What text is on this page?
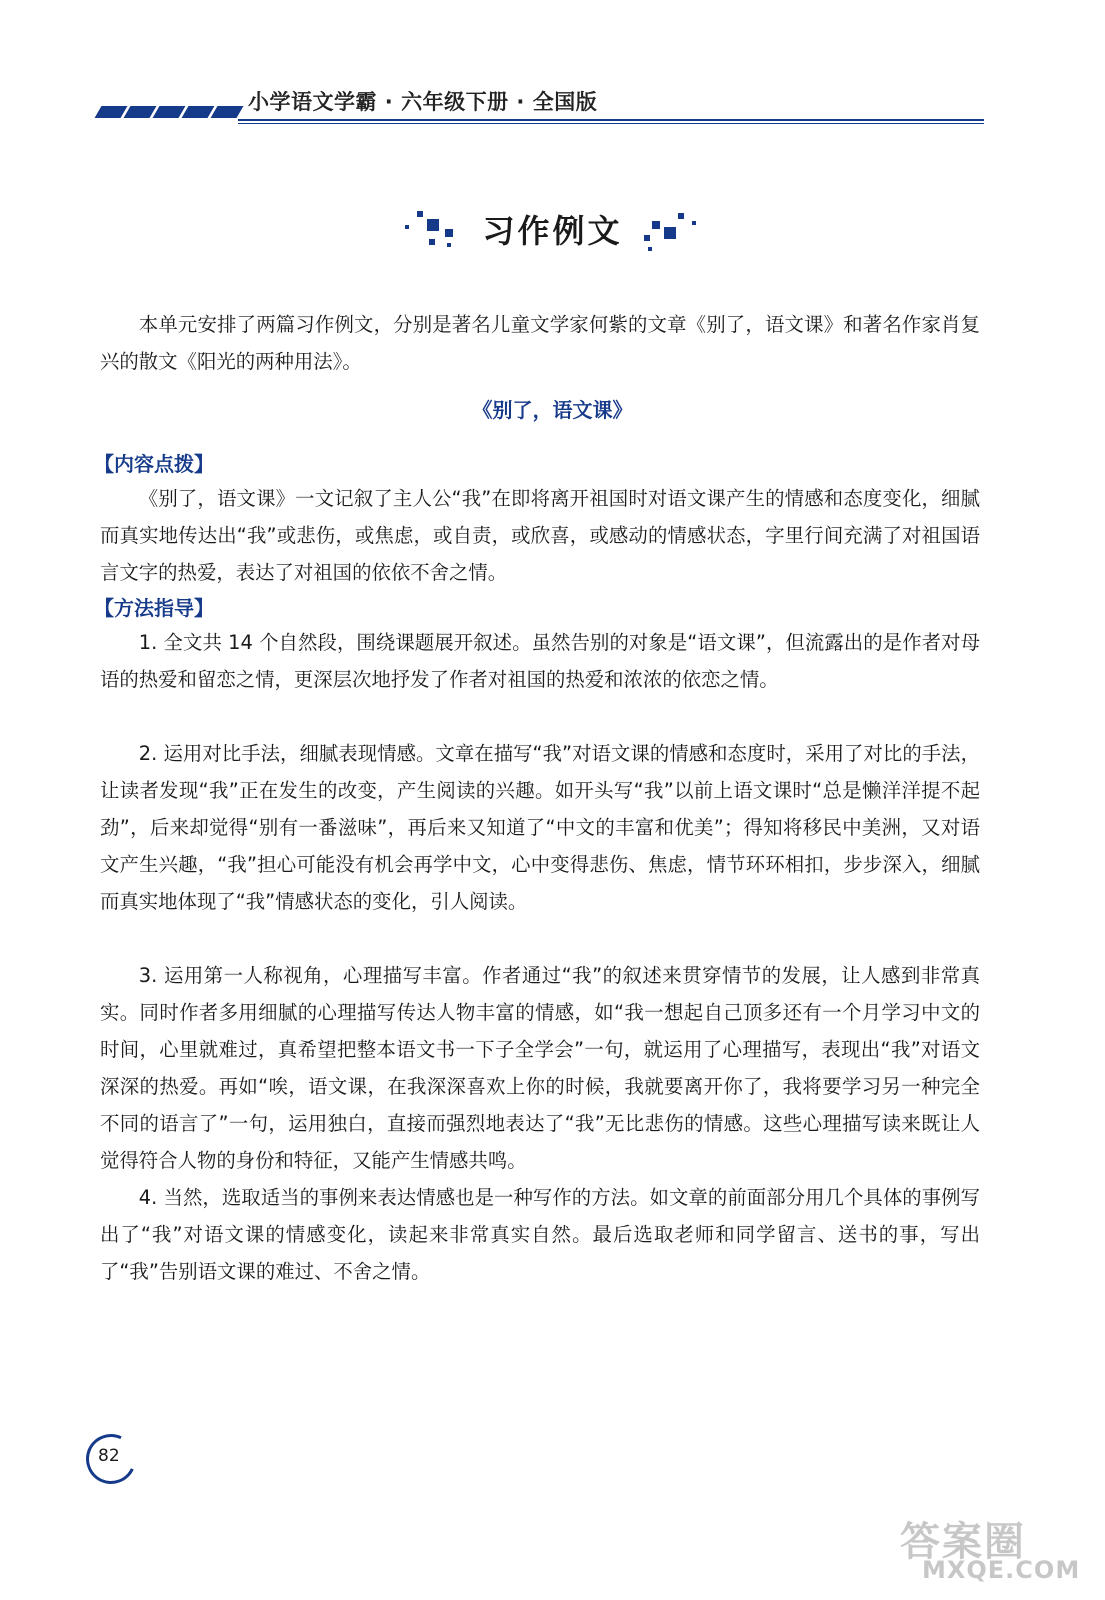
小学语文学霸 · 六年级下册 · 全国版
习作例文

本单元安排了两篇习作例文，分别是著名儿童文学家何紫的文章《别了，语文课》和著名作家肖复兴的散文《阳光的两种用法》。

《别了，语文课》
【内容点拨】

《别了，语文课》一文记叙了主人公“我”在即将离开祖国时对语文课产生的情感和态度变化，细腻而真实地传达出“我”或悲伤，或焦虑，或自责，或欣喜，或感动的情感状态，字里行间充满了对祖国语言文字的热爱，表达了对祖国的依依不舍之情。

【方法指导】

1. 全文共 14 个自然段，围绕课题展开叙述。虽然告别的对象是“语文课”，但流露出的是作者对母语的热爱和留恋之情，更深层次地抒发了作者对祖国的热爱和浓浓的依恋之情。

2. 运用对比手法，细腻表现情感。文章在描写“我”对语文课的情感和态度时，采用了对比的手法，让读者发现“我”正在发生的改变，产生阅读的兴趣。如开头写“我”以前上语文课时“总是懒洋洋提不起劲”，后来却觉得“别有一番滋味”，再后来又知道了“中文的丰富和优美”；得知将移民中美洲，又对语文产生兴趣，“我”担心可能没有机会再学中文，心中变得悲伤、焦虑，情节环环相扣，步步深入，细腻而真实地体现了“我”情感状态的变化，引人阅读。

3. 运用第一人称视角，心理描写丰富。作者通过“我”的叙述来贯穿情节的发展，让人感到非常真实。同时作者多用细腻的心理描写传达人物丰富的情感，如“我一想起自己顶多还有一个月学习中文的时间，心里就难过，真希望把整本语文书一下子全学会”一句，就运用了心理描写，表现出“我”对语文深深的热爱。再如“唉，语文课，在我深深喜欢上你的时候，我就要离开你了，我将要学习另一种完全不同的语言了”一句，运用独白，直接而强烈地表达了“我”无比悲伤的情感。这些心理描写读来既让人觉得符合人物的身份和特征，又能产生情感共鸣。

4. 当然，选取适当的事例来表达情感也是一种写作的方法。如文章的前面部分用几个具体的事例写出了“我”对语文课的情感变化，读起来非常真实自然。最后选取老师和同学留言、送书的事，写出了“我”告别语文课的难过、不舍之情。

82
答案圈
MXQE.COM
